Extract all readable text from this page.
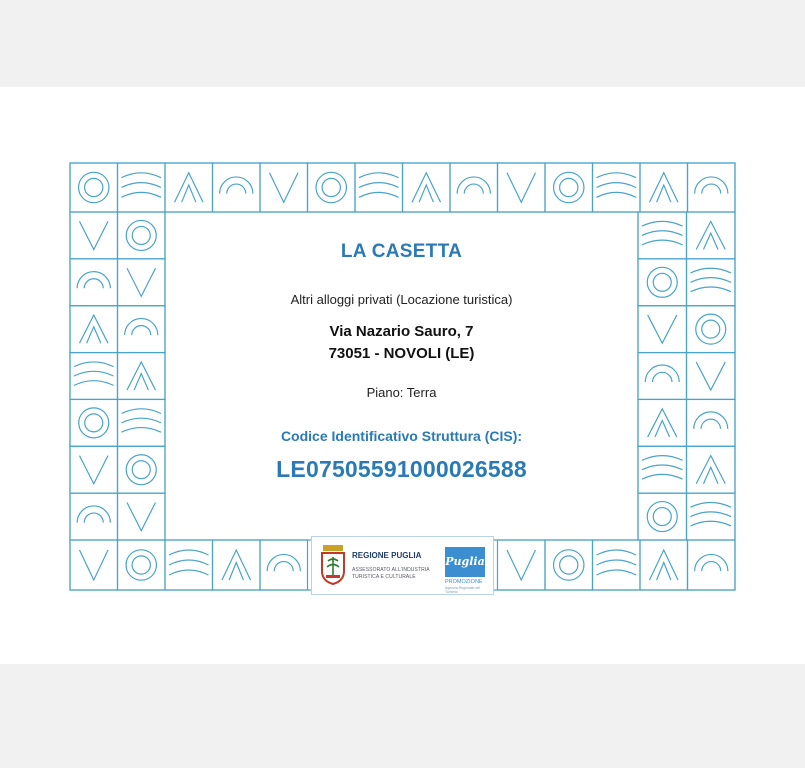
LA CASETTA
Altri alloggi privati (Locazione turistica)
Via Nazario Sauro, 7
73051 - NOVOLI (LE)
Piano: Terra
Codice Identificativo Struttura (CIS):
LE07505591000026588
REGIONE PUGLIA
ASSESSORATO ALL'INDUSTRIA
TURISTICA E CULTURALE
Puglia
PROMOZIONE
Agenzia Regionale del Turismo
